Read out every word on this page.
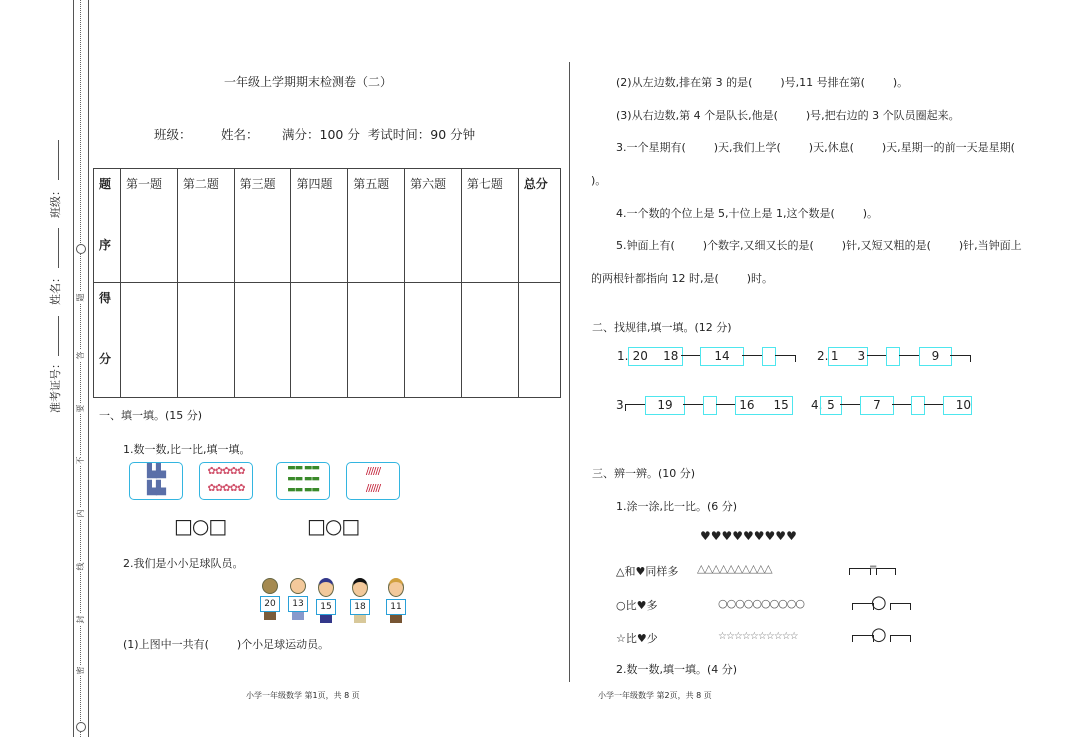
题
答
要
不
内
线
封
密
班级：
姓名：
准考证号：
一年级上学期期末检测卷（二）
班级： 姓名： 满分：100 分  考试时间：90 分钟
题
序	第一题	第二题	第三题	第四题	第五题	第六题	第七题	总分

得
分								

一、填一填。(15 分)
1.数一数,比一比,填一填。
▙▙
▙▙
✿✿✿✿✿
✿✿✿✿✿
▬▬ ▬▬
▬▬ ▬▬
▬▬ ▬▬
//////
//////
□○□	□○□
2.我们是小小足球队员。
20	13	15	18	11
(1)上图中一共有(        )个小足球运动员。
小学一年级数学 第1页，共 8 页
(2)从左边数,排在第 3 的是(        )号,11 号排在第(        )。
(3)从右边数,第 4 个是队长,他是(        )号,把右边的 3 个队员圈起来。
3.一个星期有(        )天,我们上学(        )天,休息(        )天,星期一的前一天是星期(
)。
4.一个数的个位上是 5,十位上是 1,这个数是(        )。
5.钟面上有(        )个数字,又细又长的是(        )针,又短又粗的是(        )针,当钟面上
的两根针都指向 12 时,是(        )时。
二、找规律,填一填。(12 分)
1. 20    18	14	2. 1     3	9
3	19	16     15	4. 5	7	10
三、辨一辨。(10 分)
1.涂一涂,比一比。(6 分)
♥♥♥♥♥♥♥♥♥
△和♥同样多 △△△△△△△△△△	=
○比♥多	○○○○○○○○○○	○
☆比♥少	☆☆☆☆☆☆☆☆☆☆	○
2.数一数,填一填。(4 分)
小学一年级数学 第2页，共 8 页
